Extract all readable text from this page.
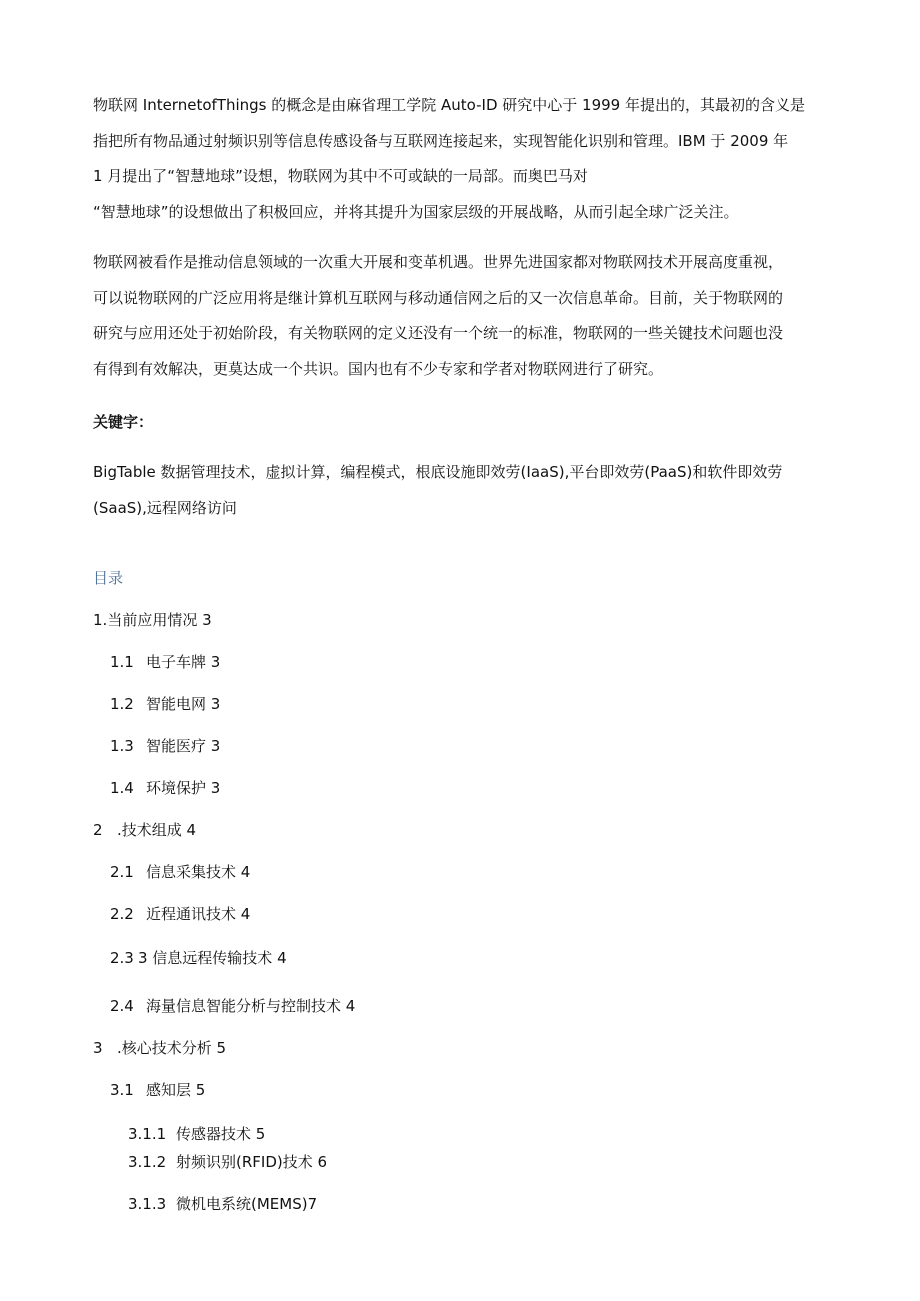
物联网 InternetofThings 的概念是由麻省理工学院 Auto-ID 研究中心于 1999 年提出的，其最初的含义是
指把所有物品通过射频识别等信息传感设备与互联网连接起来，实现智能化识别和管理。IBM 于 2009 年
1 月提出了“智慧地球”设想，物联网为其中不可或缺的一局部。而奥巴马对
“智慧地球”的设想做出了积极回应，并将其提升为国家层级的开展战略，从而引起全球广泛关注。
物联网被看作是推动信息领域的一次重大开展和变革机遇。世界先进国家都对物联网技术开展高度重视，
可以说物联网的广泛应用将是继计算机互联网与移动通信网之后的又一次信息革命。目前，关于物联网的
研究与应用还处于初始阶段，有关物联网的定义还没有一个统一的标准，物联网的一些关键技术问题也没
有得到有效解决，更莫达成一个共识。国内也有不少专家和学者对物联网进行了研究。
关键字：
BigTable 数据管理技术，虚拟计算，编程模式，根底设施即效劳(IaaS),平台即效劳(PaaS)和软件即效劳
(SaaS),远程网络访问
目录
1.当前应用情况 3
1.1 电子车牌 3
1.2 智能电网 3
1.3 智能医疗 3
1.4 环境保护 3
2 .技术组成 4
2.1 信息采集技术 4
2.2 近程通讯技术 4
2.3 3 信息远程传输技术 4
2.4 海量信息智能分析与控制技术 4
3 .核心技术分析 5
3.1 感知层 5
3.1.1 传感器技术 5
3.1.2 射频识别(RFID)技术 6
3.1.3 微机电系统(MEMS)7
